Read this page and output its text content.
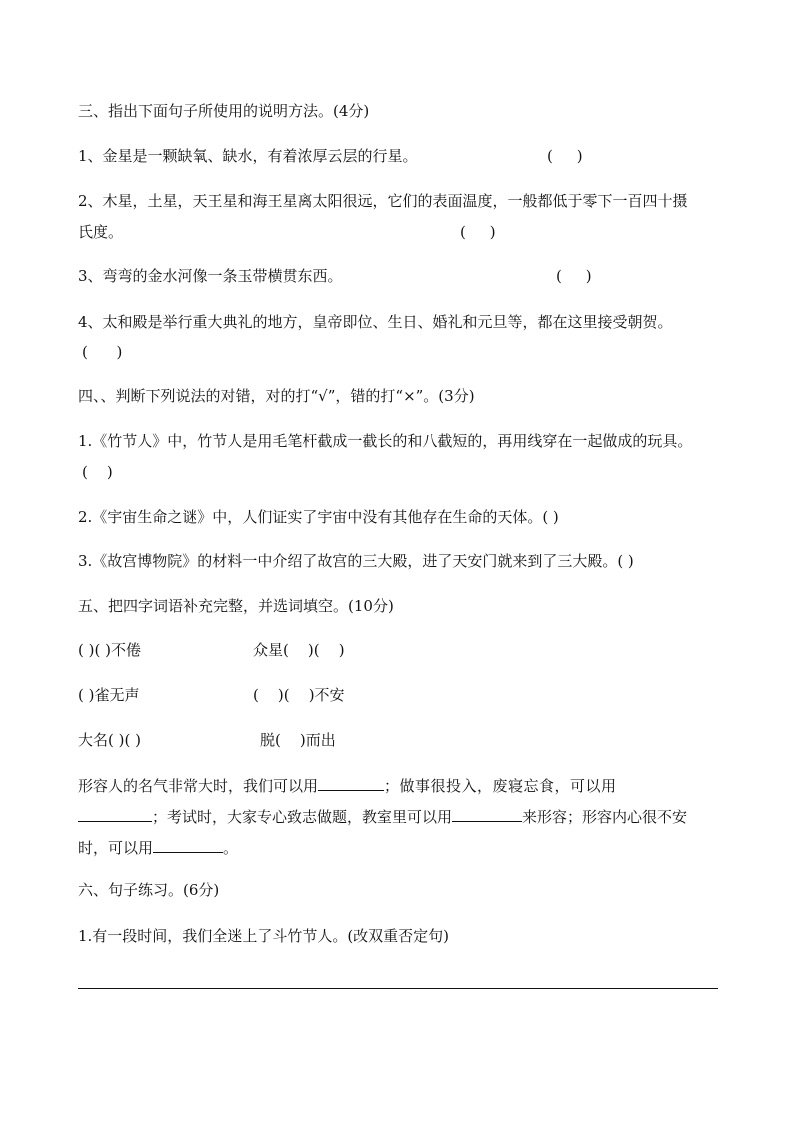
三、指出下面句子所使用的说明方法。(4分)
1、金星是一颗缺氧、缺水，有着浓厚云层的行星。	(     )
2、木星，土星，天王星和海王星离太阳很远，它们的表面温度，一般都低于零下一百四十摄
氏度。	(     )
3、弯弯的金水河像一条玉带横贯东西。	(     )
4、太和殿是举行重大典礼的地方，皇帝即位、生日、婚礼和元旦等，都在这里接受朝贺。
(      )
四、、判断下列说法的对错，对的打“√”，错的打“×”。(3分)
1.《竹节人》中，竹节人是用毛笔杆截成一截长的和八截短的，再用线穿在一起做成的玩具。
(    )
2.《宇宙生命之谜》中，人们证实了宇宙中没有其他存在生命的天体。( )
3.《故宫博物院》的材料一中介绍了故宫的三大殿，进了天安门就来到了三大殿。( )
五、把四字词语补充完整，并选词填空。(10分)
( )( )不倦	众星(    )(    )
( )雀无声	(    )(    )不安
大名( )( )	脱(    )而出
形容人的名气非常大时，我们可以用	；做事很投入，废寝忘食，可以用
；考试时，大家专心致志做题，教室里可以用	来形容；形容内心很不安
时，可以用	。
六、句子练习。(6分)
1.有一段时间，我们全迷上了斗竹节人。(改双重否定句)
